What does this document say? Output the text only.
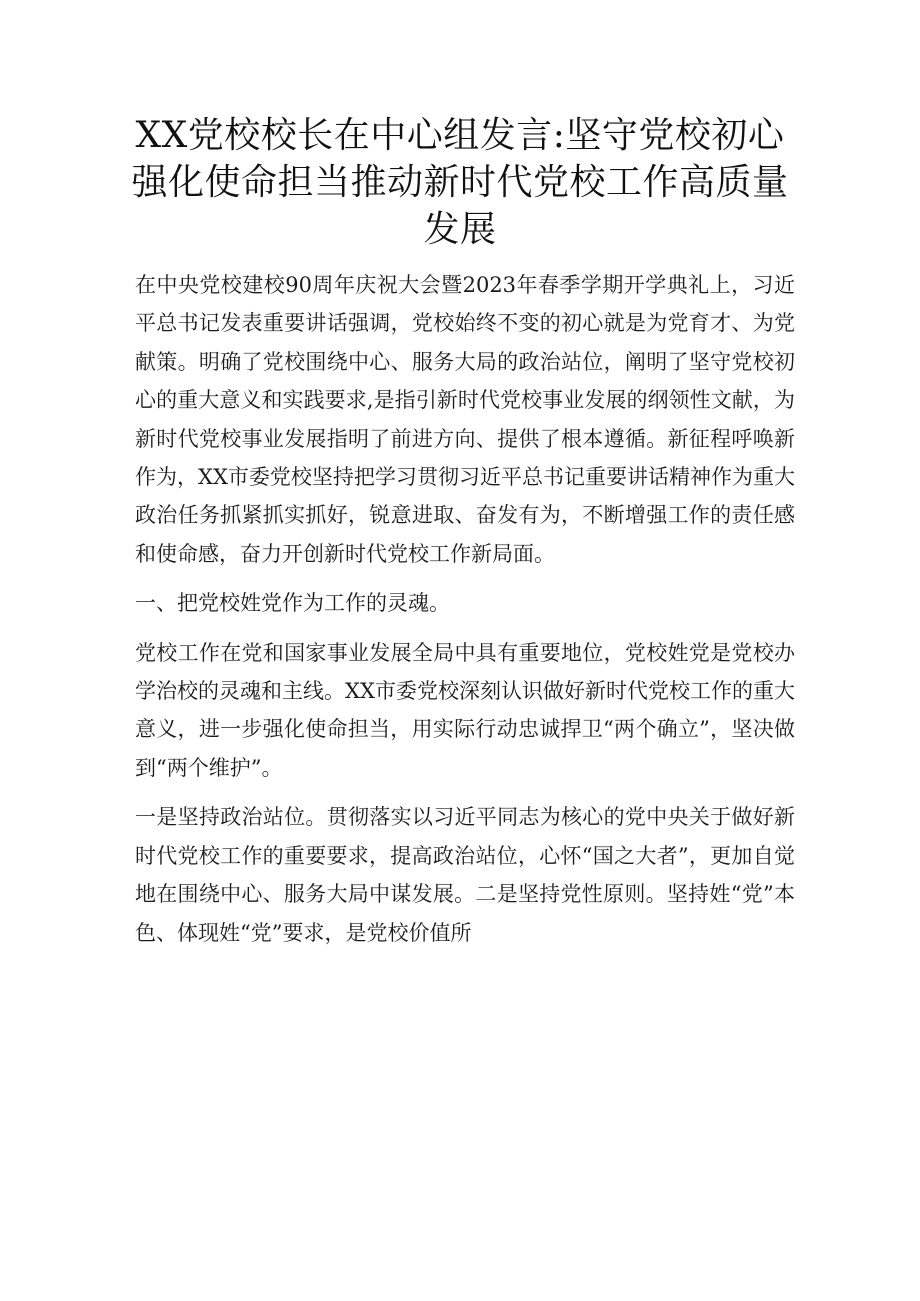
XX党校校长在中心组发言:坚守党校初心强化使命担当推动新时代党校工作高质量发展

在中央党校建校90周年庆祝大会暨2023年春季学期开学典礼上，习近平总书记发表重要讲话强调，党校始终不变的初心就是为党育才、为党献策。明确了党校围绕中心、服务大局的政治站位，阐明了坚守党校初心的重大意义和实践要求,是指引新时代党校事业发展的纲领性文献，为新时代党校事业发展指明了前进方向、提供了根本遵循。新征程呼唤新作为，XX市委党校坚持把学习贯彻习近平总书记重要讲话精神作为重大政治任务抓紧抓实抓好，锐意进取、奋发有为，不断增强工作的责任感和使命感，奋力开创新时代党校工作新局面。

一、把党校姓党作为工作的灵魂。

党校工作在党和国家事业发展全局中具有重要地位，党校姓党是党校办学治校的灵魂和主线。XX市委党校深刻认识做好新时代党校工作的重大意义，进一步强化使命担当，用实际行动忠诚捍卫“两个确立”，坚决做到“两个维护”。

一是坚持政治站位。贯彻落实以习近平同志为核心的党中央关于做好新时代党校工作的重要要求，提高政治站位，心怀“国之大者”，更加自觉地在围绕中心、服务大局中谋发展。二是坚持党性原则。坚持姓“党”本色、体现姓“党”要求，是党校价值所
